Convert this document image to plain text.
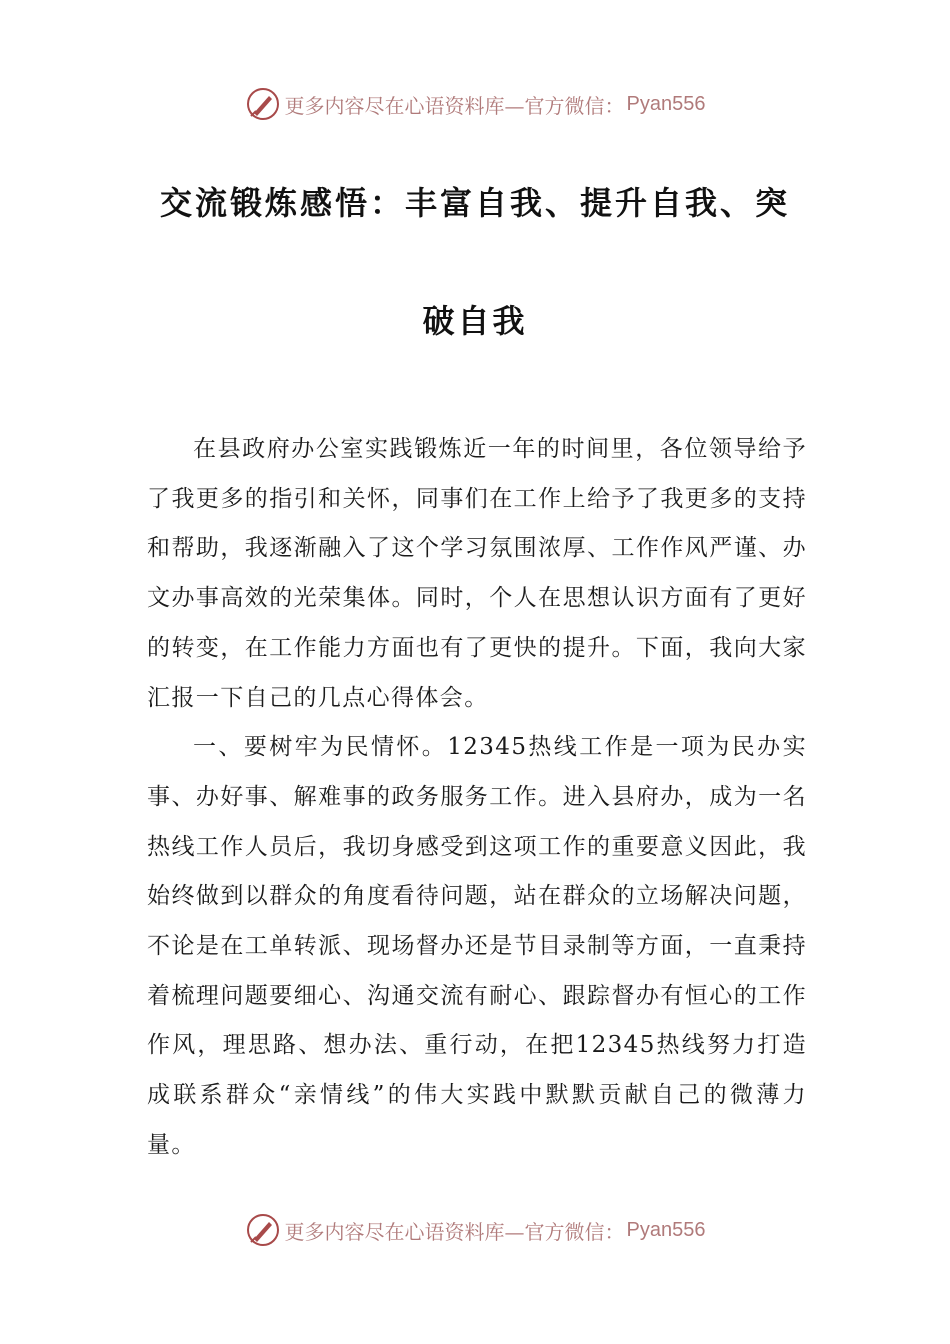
更多内容尽在心语资料库—官方微信： Pyan556
交流锻炼感悟：丰富自我、提升自我、突
破自我

在县政府办公室实践锻炼近一年的时间里，各位领导给予了我更多的指引和关怀，同事们在工作上给予了我更多的支持和帮助，我逐渐融入了这个学习氛围浓厚、工作作风严谨、办文办事高效的光荣集体。同时，个人在思想认识方面有了更好的转变，在工作能力方面也有了更快的提升。下面，我向大家汇报一下自己的几点心得体会。

一、要树牢为民情怀。12345热线工作是一项为民办实事、办好事、解难事的政务服务工作。进入县府办，成为一名热线工作人员后，我切身感受到这项工作的重要意义因此，我始终做到以群众的角度看待问题，站在群众的立场解决问题，不论是在工单转派、现场督办还是节目录制等方面，一直秉持着梳理问题要细心、沟通交流有耐心、跟踪督办有恒心的工作作风，理思路、想办法、重行动，在把12345热线努力打造成联系群众“亲情线”的伟大实践中默默贡献自己的微薄力量。

更多内容尽在心语资料库—官方微信： Pyan556
